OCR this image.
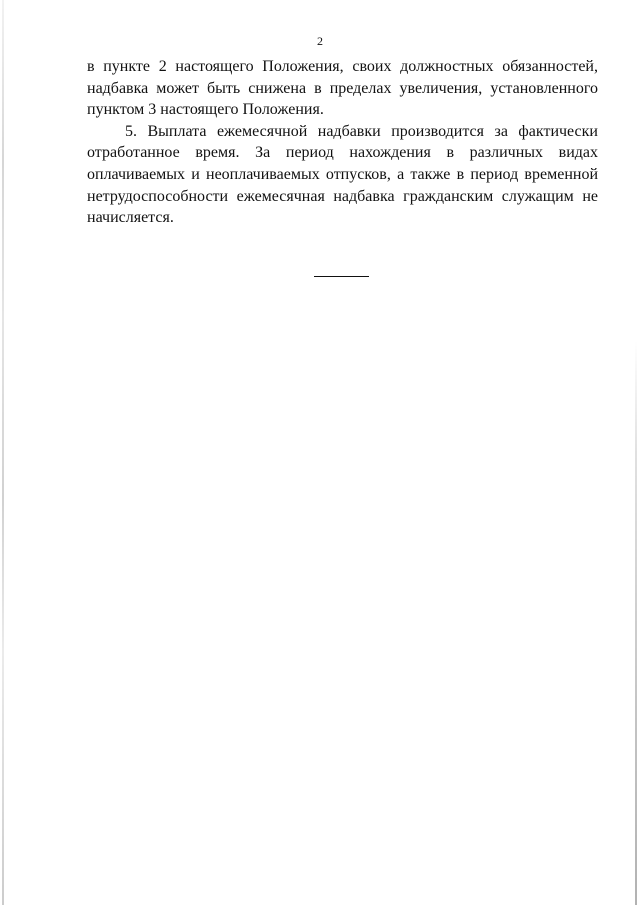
2

в пункте 2 настоящего Положения, своих должностных обязанностей, надбавка может быть снижена в пределах увеличения, установленного пунктом 3 настоящего Положения.

5. Выплата ежемесячной надбавки производится за фактически отработанное время. За период нахождения в различных видах оплачиваемых и неоплачиваемых отпусков, а также в период временной нетрудоспособности ежемесячная надбавка гражданским служащим не начисляется.
